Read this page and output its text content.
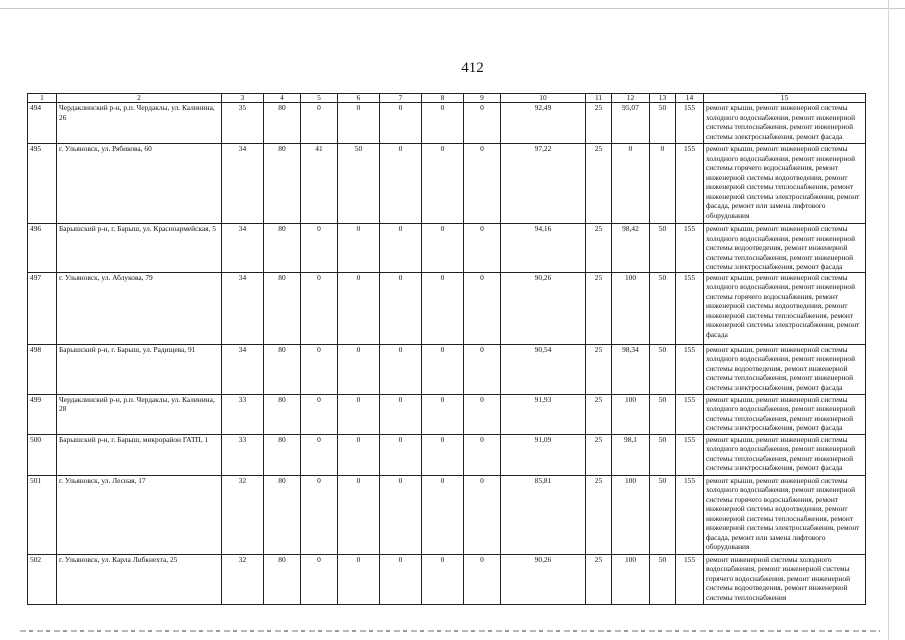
412
1	2	3	4	5	6	7	8	9	10	11	12	13	14	15
494	Чердаклинский р-н, р.п. Чердаклы, ул. Калинина, 26	35	80	0	0	0	0	0	92,49	25	95,07	50	155	ремонт крыши, ремонт инженерной системы холодного водоснабжения, ремонт инженерной системы теплоснабжения, ремонт инженерной системы электроснабжения, ремонт фасада
495	г. Ульяновск, ул. Рябикова, 60	34	80	41	50	0	0	0	97,22	25	0	0	155	ремонт крыши, ремонт инженерной системы холодного водоснабжения, ремонт инженерной системы горячего водоснабжения, ремонт инженерной системы водоотведения, ремонт инженерной системы теплоснабжения, ремонт инженерной системы электроснабжения, ремонт фасада, ремонт или замена лифтового оборудования
496	Барышский р-н, г. Барыш, ул. Красноармейская, 5	34	80	0	0	0	0	0	94,16	25	98,42	50	155	ремонт крыши, ремонт инженерной системы холодного водоснабжения, ремонт инженерной системы водоотведения, ремонт инженерной системы теплоснабжения, ремонт инженерной системы электроснабжения, ремонт фасада
497	г. Ульяновск, ул. Аблукова, 79	34	80	0	0	0	0	0	90,26	25	100	50	155	ремонт крыши, ремонт инженерной системы холодного водоснабжения, ремонт инженерной системы горячего водоснабжения, ремонт инженерной системы водоотведения, ремонт инженерной системы теплоснабжения, ремонт инженерной системы электроснабжения, ремонт фасада
498	Барышский р-н, г. Барыш, ул. Радищева, 91	34	80	0	0	0	0	0	90,54	25	98,34	50	155	ремонт крыши, ремонт инженерной системы холодного водоснабжения, ремонт инженерной системы водоотведения, ремонт инженерной системы теплоснабжения, ремонт инженерной системы электроснабжения, ремонт фасада
499	Чердаклинский р-н, р.п. Чердаклы, ул. Калинина, 28	33	80	0	0	0	0	0	91,93	25	100	50	155	ремонт крыши, ремонт инженерной системы холодного водоснабжения, ремонт инженерной системы теплоснабжения, ремонт инженерной системы электроснабжения, ремонт фасада
500	Барышский р-н, г. Барыш, микрорайон ГАТП, 1	33	80	0	0	0	0	0	91,09	25	98,1	50	155	ремонт крыши, ремонт инженерной системы холодного водоснабжения, ремонт инженерной системы теплоснабжения, ремонт инженерной системы электроснабжения, ремонт фасада
501	г. Ульяновск, ул. Лесная, 17	32	80	0	0	0	0	0	85,81	25	100	50	155	ремонт крыши, ремонт инженерной системы холодного водоснабжения, ремонт инженерной системы горячего водоснабжения, ремонт инженерной системы водоотведения, ремонт инженерной системы теплоснабжения, ремонт инженерной системы электроснабжения, ремонт фасада, ремонт или замена лифтового оборудования
502	г. Ульяновск, ул. Карла Либкнехта, 25	32	80	0	0	0	0	0	90,26	25	100	50	155	ремонт инженерной системы холодного водоснабжения, ремонт инженерной системы горячего водоснабжения, ремонт инженерной системы водоотведения, ремонт инженерной системы теплоснабжения
